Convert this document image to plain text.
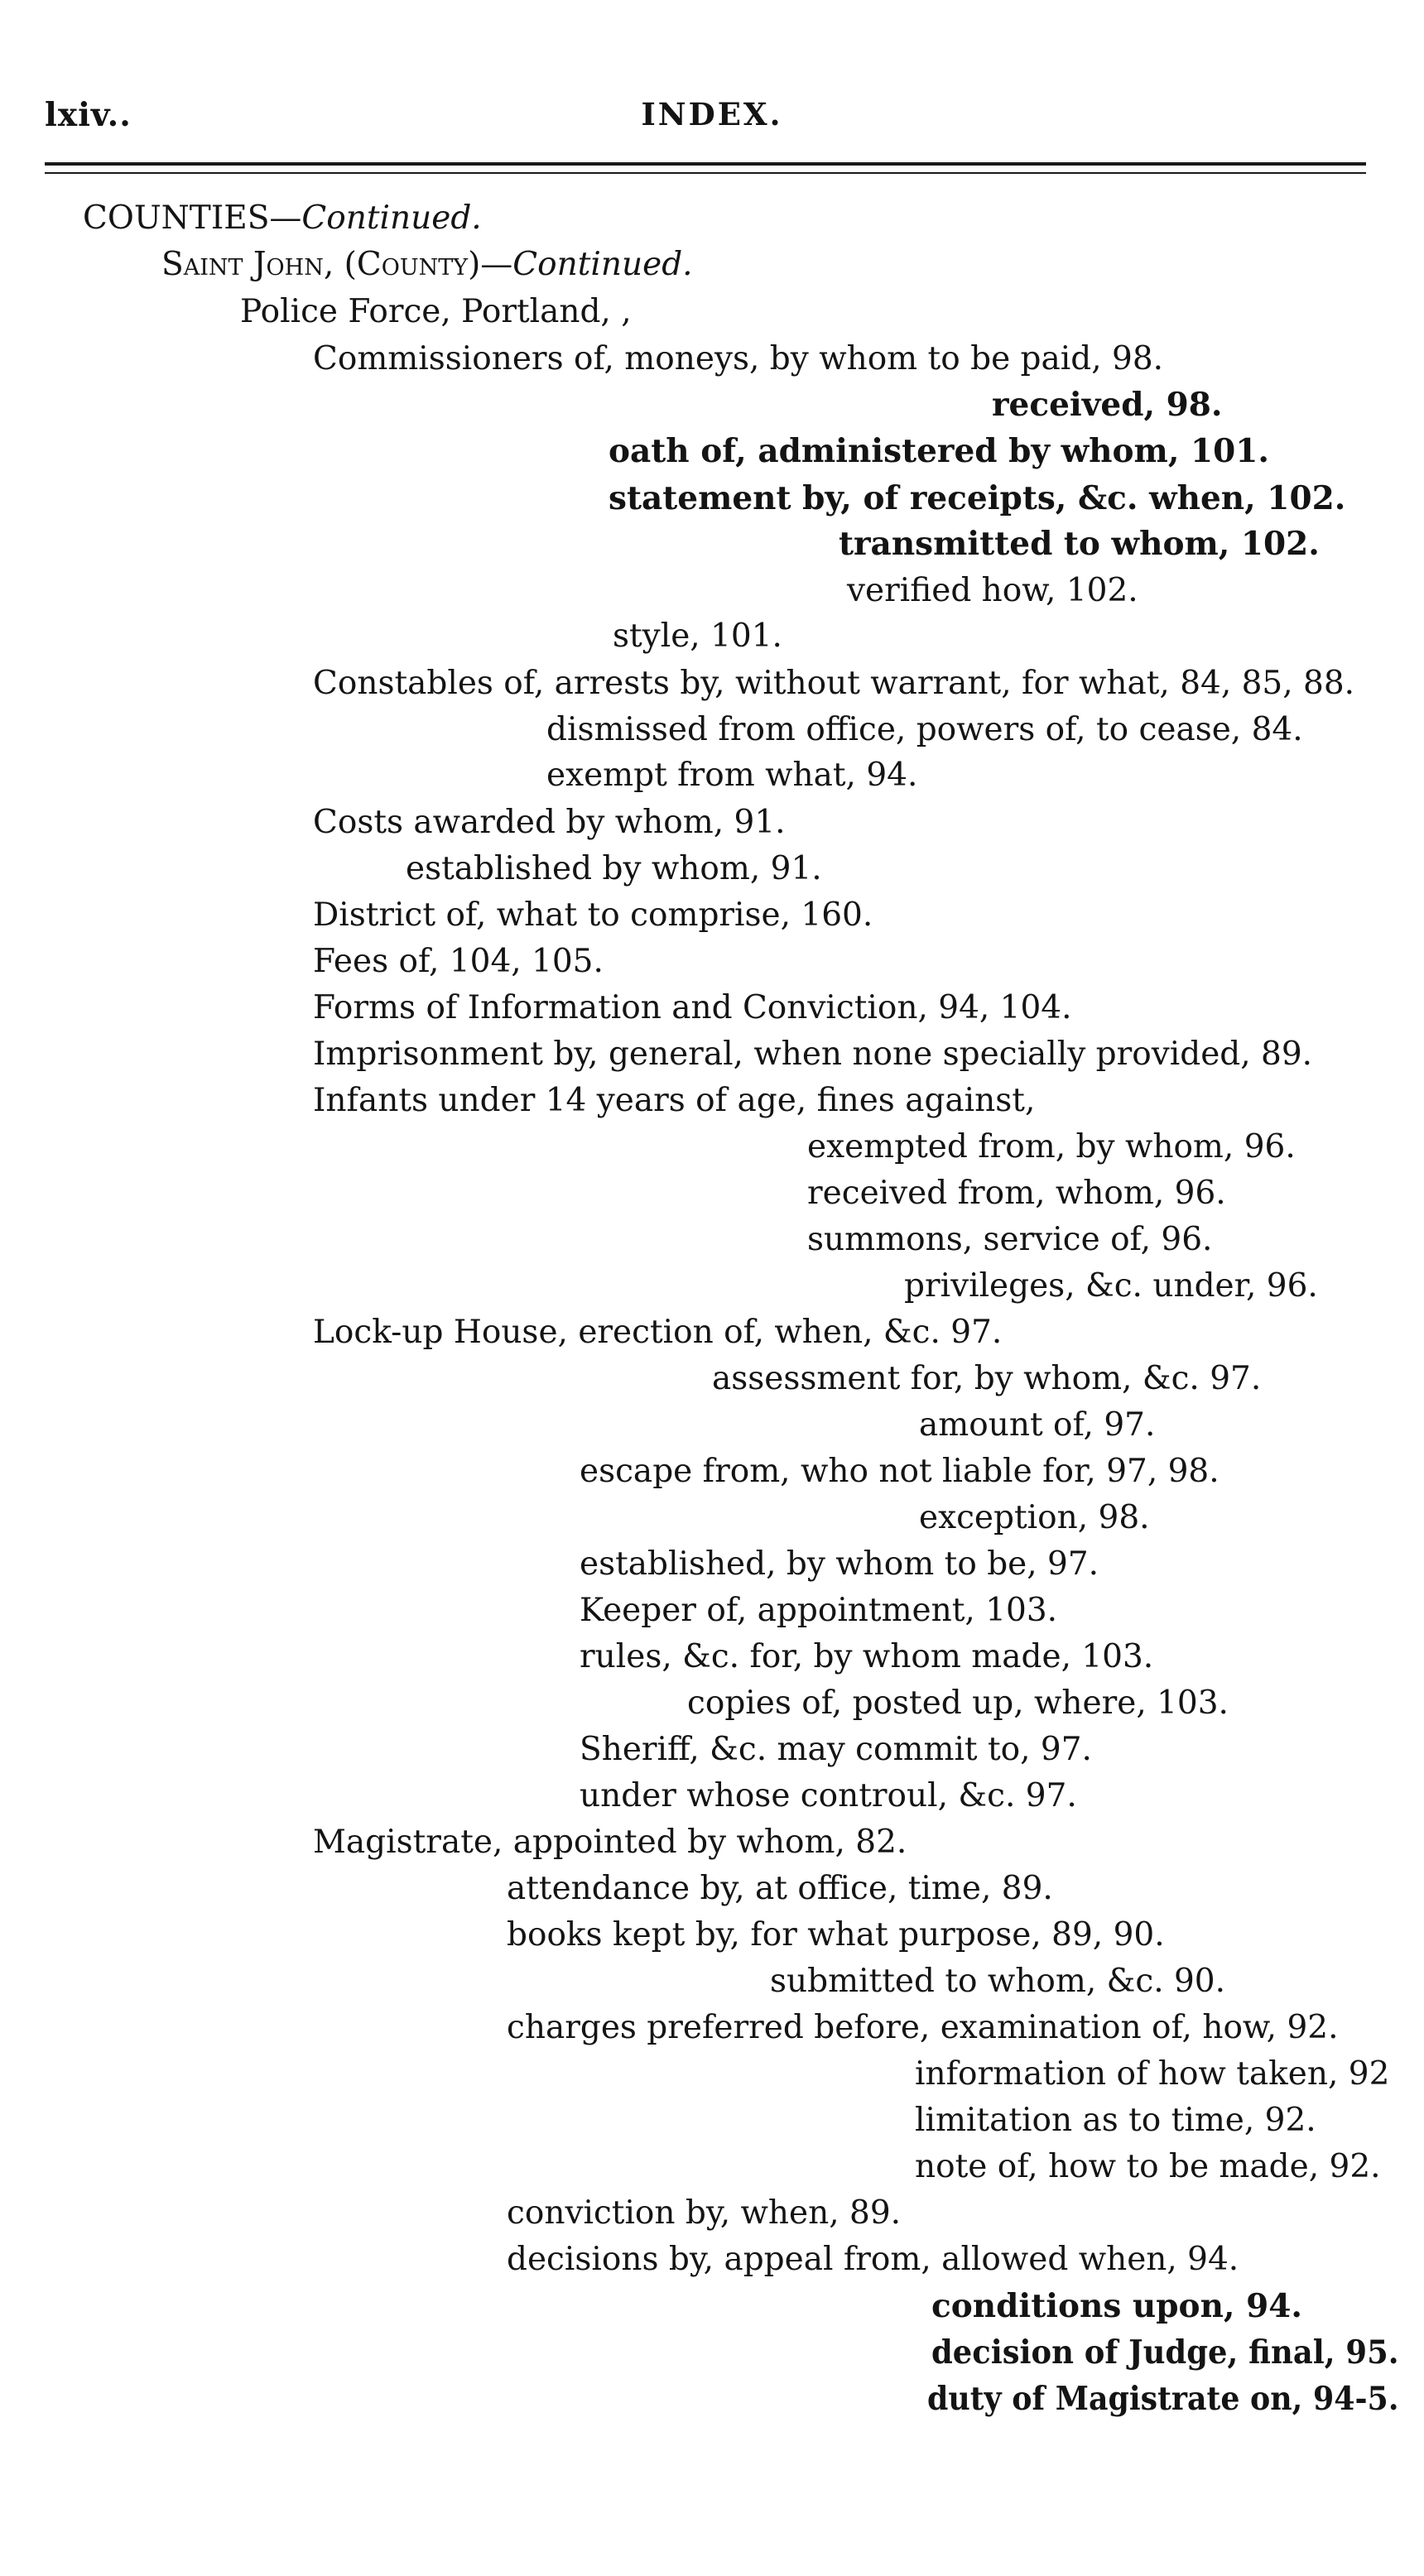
lxiv..	INDEX.
COUNTIES—Continued.
Saint John, (County)—Continued.
Police Force, Portland, ,
Commissioners of, moneys, by whom to be paid, 98.
received, 98.
oath of, administered by whom, 101.
statement by, of receipts, &c. when, 102.
transmitted to whom, 102.
verified how, 102.
style, 101.
Constables of, arrests by, without warrant, for what, 84, 85, 88.
dismissed from office, powers of, to cease, 84.
exempt from what, 94.
Costs awarded by whom, 91.
established by whom, 91.
District of, what to comprise, 160.
Fees of, 104, 105.
Forms of Information and Conviction, 94, 104.
Imprisonment by, general, when none specially provided, 89.
Infants under 14 years of age, fines against,
exempted from, by whom, 96.
received from, whom, 96.
summons, service of, 96.
privileges, &c. under, 96.
Lock-up House, erection of, when, &c. 97.
assessment for, by whom, &c. 97.
amount of, 97.
escape from, who not liable for, 97, 98.
exception, 98.
established, by whom to be, 97.
Keeper of, appointment, 103.
rules, &c. for, by whom made, 103.
copies of, posted up, where, 103.
Sheriff, &c. may commit to, 97.
under whose controul, &c. 97.
Magistrate, appointed by whom, 82.
attendance by, at office, time, 89.
books kept by, for what purpose, 89, 90.
submitted to whom, &c. 90.
charges preferred before, examination of, how, 92.
information of how taken, 92
limitation as to time, 92.
note of, how to be made, 92.
conviction by, when, 89.
decisions by, appeal from, allowed when, 94.
conditions upon, 94.
decision of Judge, final, 95.
duty of Magistrate on, 94-5.
